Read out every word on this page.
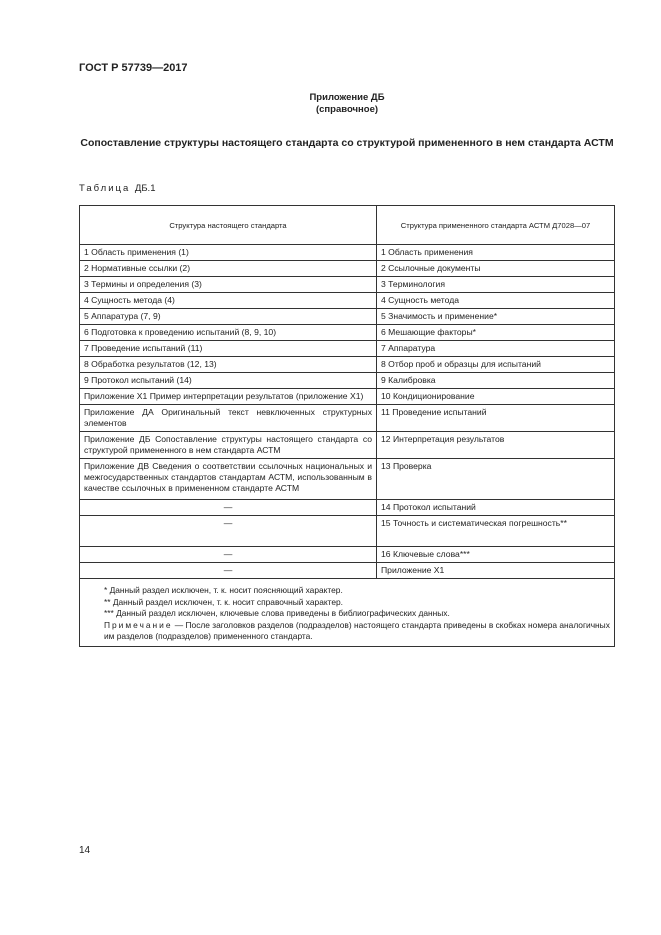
ГОСТ Р 57739—2017
Приложение ДБ
(справочное)
Сопоставление структуры настоящего стандарта со структурой примененного в нем стандарта АСТМ
Таблица ДБ.1
Структура настоящего стандарта	Структура примененного стандарта АСТМ Д7028—07
1 Область применения (1)	1 Область применения
2 Нормативные ссылки (2)	2 Ссылочные документы
3 Термины и определения (3)	3 Терминология
4 Сущность метода (4)	4 Сущность метода
5 Аппаратура (7, 9)	5 Значимость и применение*
6 Подготовка к проведению испытаний (8, 9, 10)	6 Мешающие факторы*
7 Проведение испытаний (11)	7 Аппаратура
8 Обработка результатов (12, 13)	8 Отбор проб и образцы для испытаний
9 Протокол испытаний (14)	9 Калибровка
Приложение Х1 Пример интерпретации результатов (приложение Х1)	10 Кондиционирование
Приложение ДА Оригинальный текст невключенных структурных элементов	11 Проведение испытаний
Приложение ДБ Сопоставление структуры настоящего стандарта со структурой примененного в нем стандарта АСТМ	12 Интерпретация результатов
Приложение ДВ Сведения о соответствии ссылочных национальных и межгосударственных стандартов стандартам АСТМ, использованным в качестве ссылочных в примененном стандарте АСТМ	13 Проверка
—	14 Протокол испытаний
—	15 Точность и систематическая погрешность**
—	16 Ключевые слова***
—	Приложение Х1

* Данный раздел исключен, т. к. носит поясняющий характер.
** Данный раздел исключен, т. к. носит справочный характер.
*** Данный раздел исключен, ключевые слова приведены в библиографических данных.
Примечание — После заголовков разделов (подразделов) настоящего стандарта приведены в скобках номера аналогичных им разделов (подразделов) примененного стандарта.	
14
